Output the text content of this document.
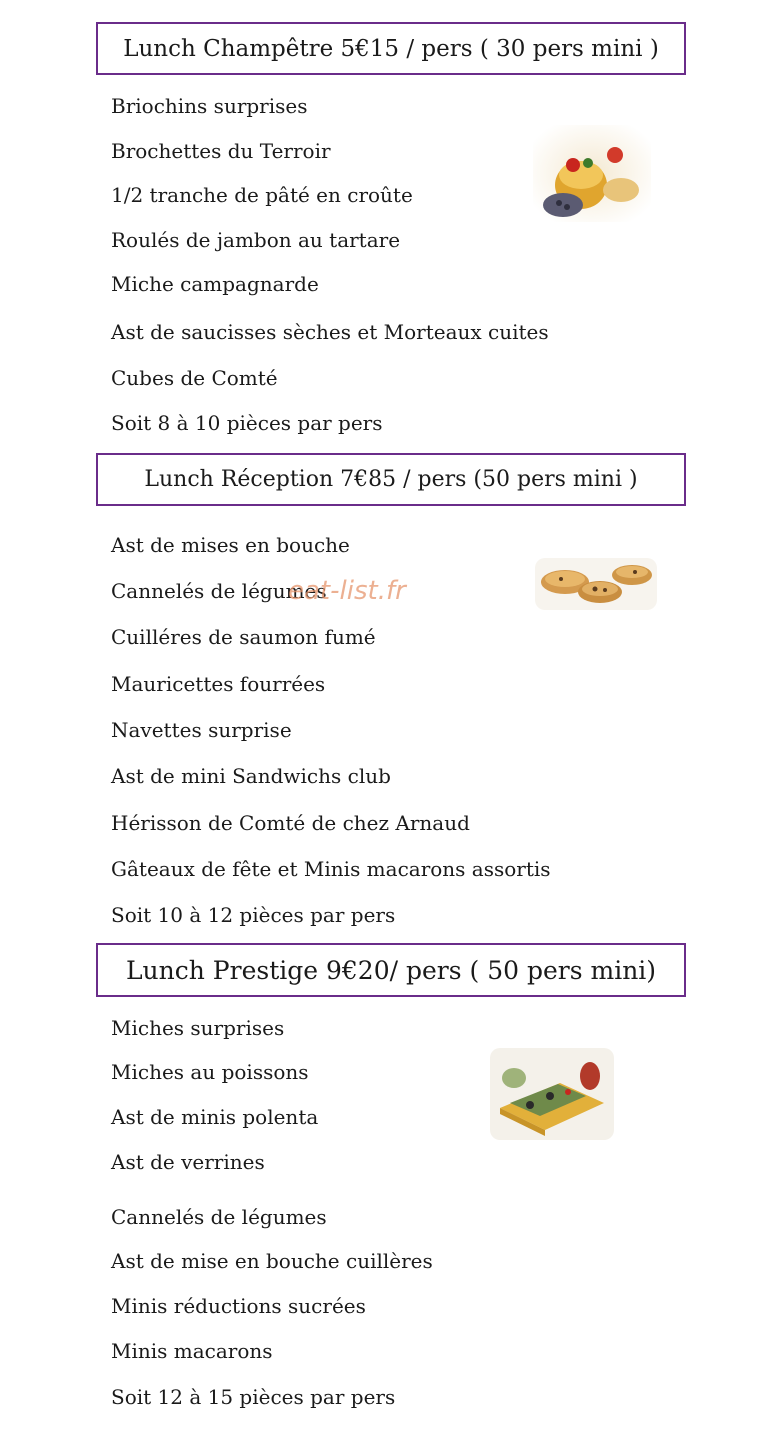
Lunch Champêtre 5€15 / pers ( 30 pers mini )
Briochins surprises
Brochettes du Terroir
1/2 tranche de pâté en croûte
Roulés de jambon au tartare
Miche campagnarde
Ast de saucisses sèches et Morteaux cuites
Cubes de Comté
Soit 8 à 10 pièces par pers
Lunch Réception 7€85 / pers (50 pers mini )
Ast de mises en bouche
Cannelés de légumes
Cuilléres de saumon fumé
Mauricettes fourrées
Navettes surprise
Ast de mini Sandwichs club
Hérisson de Comté de chez Arnaud
Gâteaux de fête et Minis macarons assortis
Soit 10 à 12 pièces par pers
eat-list.fr
Lunch Prestige 9€20/ pers ( 50 pers mini)
Miches surprises
Miches au poissons
Ast de minis polenta
Ast de verrines
Cannelés de légumes
Ast de mise en bouche cuillères
Minis réductions sucrées
Minis macarons
Soit 12 à 15 pièces par pers
